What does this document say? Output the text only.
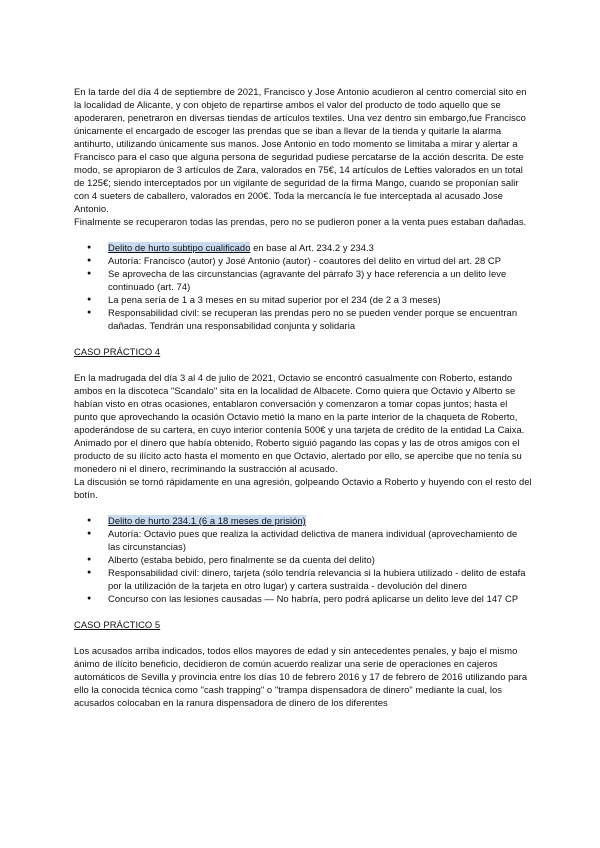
En la tarde del día 4 de septiembre de 2021, Francisco y Jose Antonio acudieron al centro comercial sito en la localidad de Alicante, y con objeto de repartirse ambos el valor del producto de todo aquello que se apoderaren, penetraron en diversas tiendas de artículos textiles. Una vez dentro sin embargo,fue Francisco únicamente el encargado de escoger las prendas que se iban a llevar de la tienda y quitarle la alarma antihurto, utilizando únicamente sus manos. Jose Antonio en todo momento se limitaba a mirar y alertar a Francisco para el caso que alguna persona de seguridad pudiese percatarse de la acción descrita. De este modo, se apropiaron de 3 artículos de Zara, valorados en 75€, 14 artículos de Lefties valorados en un total de 125€; siendo interceptados por un vigilante de seguridad de la firma Mango, cuando se proponían salir con 4 sueters de caballero, valorados en 200€. Toda la mercancía le fue interceptada al acusado Jose Antonio.

Finalmente se recuperaron todas las prendas, pero no se pudieron poner a la venta pues estaban dañadas.

● Delito de hurto subtipo cualificado en base al Art. 234.2 y 234.3
● Autoría: Francisco (autor) y José Antonio (autor) - coautores del delito en virtud del art. 28 CP
● Se aprovecha de las circunstancias (agravante del párrafo 3) y hace referencia a un delito leve continuado (art. 74)
● La pena sería de 1 a 3 meses en su mitad superior por el 234 (de 2 a 3 meses)
● Responsabilidad civil: se recuperan las prendas pero no se pueden vender porque se encuentran dañadas. Tendrán una responsabilidad conjunta y solidaria

CASO PRÁCTICO 4

En la madrugada del día 3 al 4 de julio de 2021, Octavio se encontró casualmente con Roberto, estando ambos en la discoteca "Scandalo" sita en la localidad de Albacete. Como quiera que Octavio y Alberto se habían visto en otras ocasiones, entablaron conversación y comenzaron a tomar copas juntos; hasta el punto que aprovechando la ocasión Octavio metió la mano en la parte interior de la chaqueta de Roberto, apoderándose de su cartera, en cuyo interior contenía 500€ y una tarjeta de crédito de la entidad La Caixa.

Animado por el dinero que había obtenido, Roberto siguió pagando las copas y las de otros amigos con el producto de su ilícito acto hasta el momento en que Octavio, alertado por ello, se apercibe que no tenía su monedero ni el dinero, recriminando la sustracción al acusado.

La discusión se tornó rápidamente en una agresión, golpeando Octavio a Roberto y huyendo con el resto del botín.

● Delito de hurto 234.1 (6 a 18 meses de prisión)
● Autoría: Octavio pues que realiza la actividad delictiva de manera individual (aprovechamiento de las circunstancias)
● Alberto (estaba bebido, pero finalmente se da cuenta del delito)
● Responsabilidad civil: dinero, tarjeta (sólo tendría relevancia si la hubiera utilizado - delito de estafa por la utilización de la tarjeta en otro lugar) y cartera sustraída - devolución del dinero
● Concurso con las lesiones causadas — No habría, pero podrá aplicarse un delito leve del 147 CP

CASO PRÁCTICO 5

Los acusados arriba indicados, todos ellos mayores de edad y sin antecedentes penales, y bajo el mismo ánimo de ilícito beneficio, decidieron de común acuerdo realizar una serie de operaciones en cajeros automáticos de Sevilla y provincia entre los días 10 de febrero 2016 y 17 de febrero de 2016 utilizando para ello la conocida técnica como "cash trapping" o "trampa dispensadora de dinero" mediante la cual, los acusados colocaban en la ranura dispensadora de dinero de los diferentes
